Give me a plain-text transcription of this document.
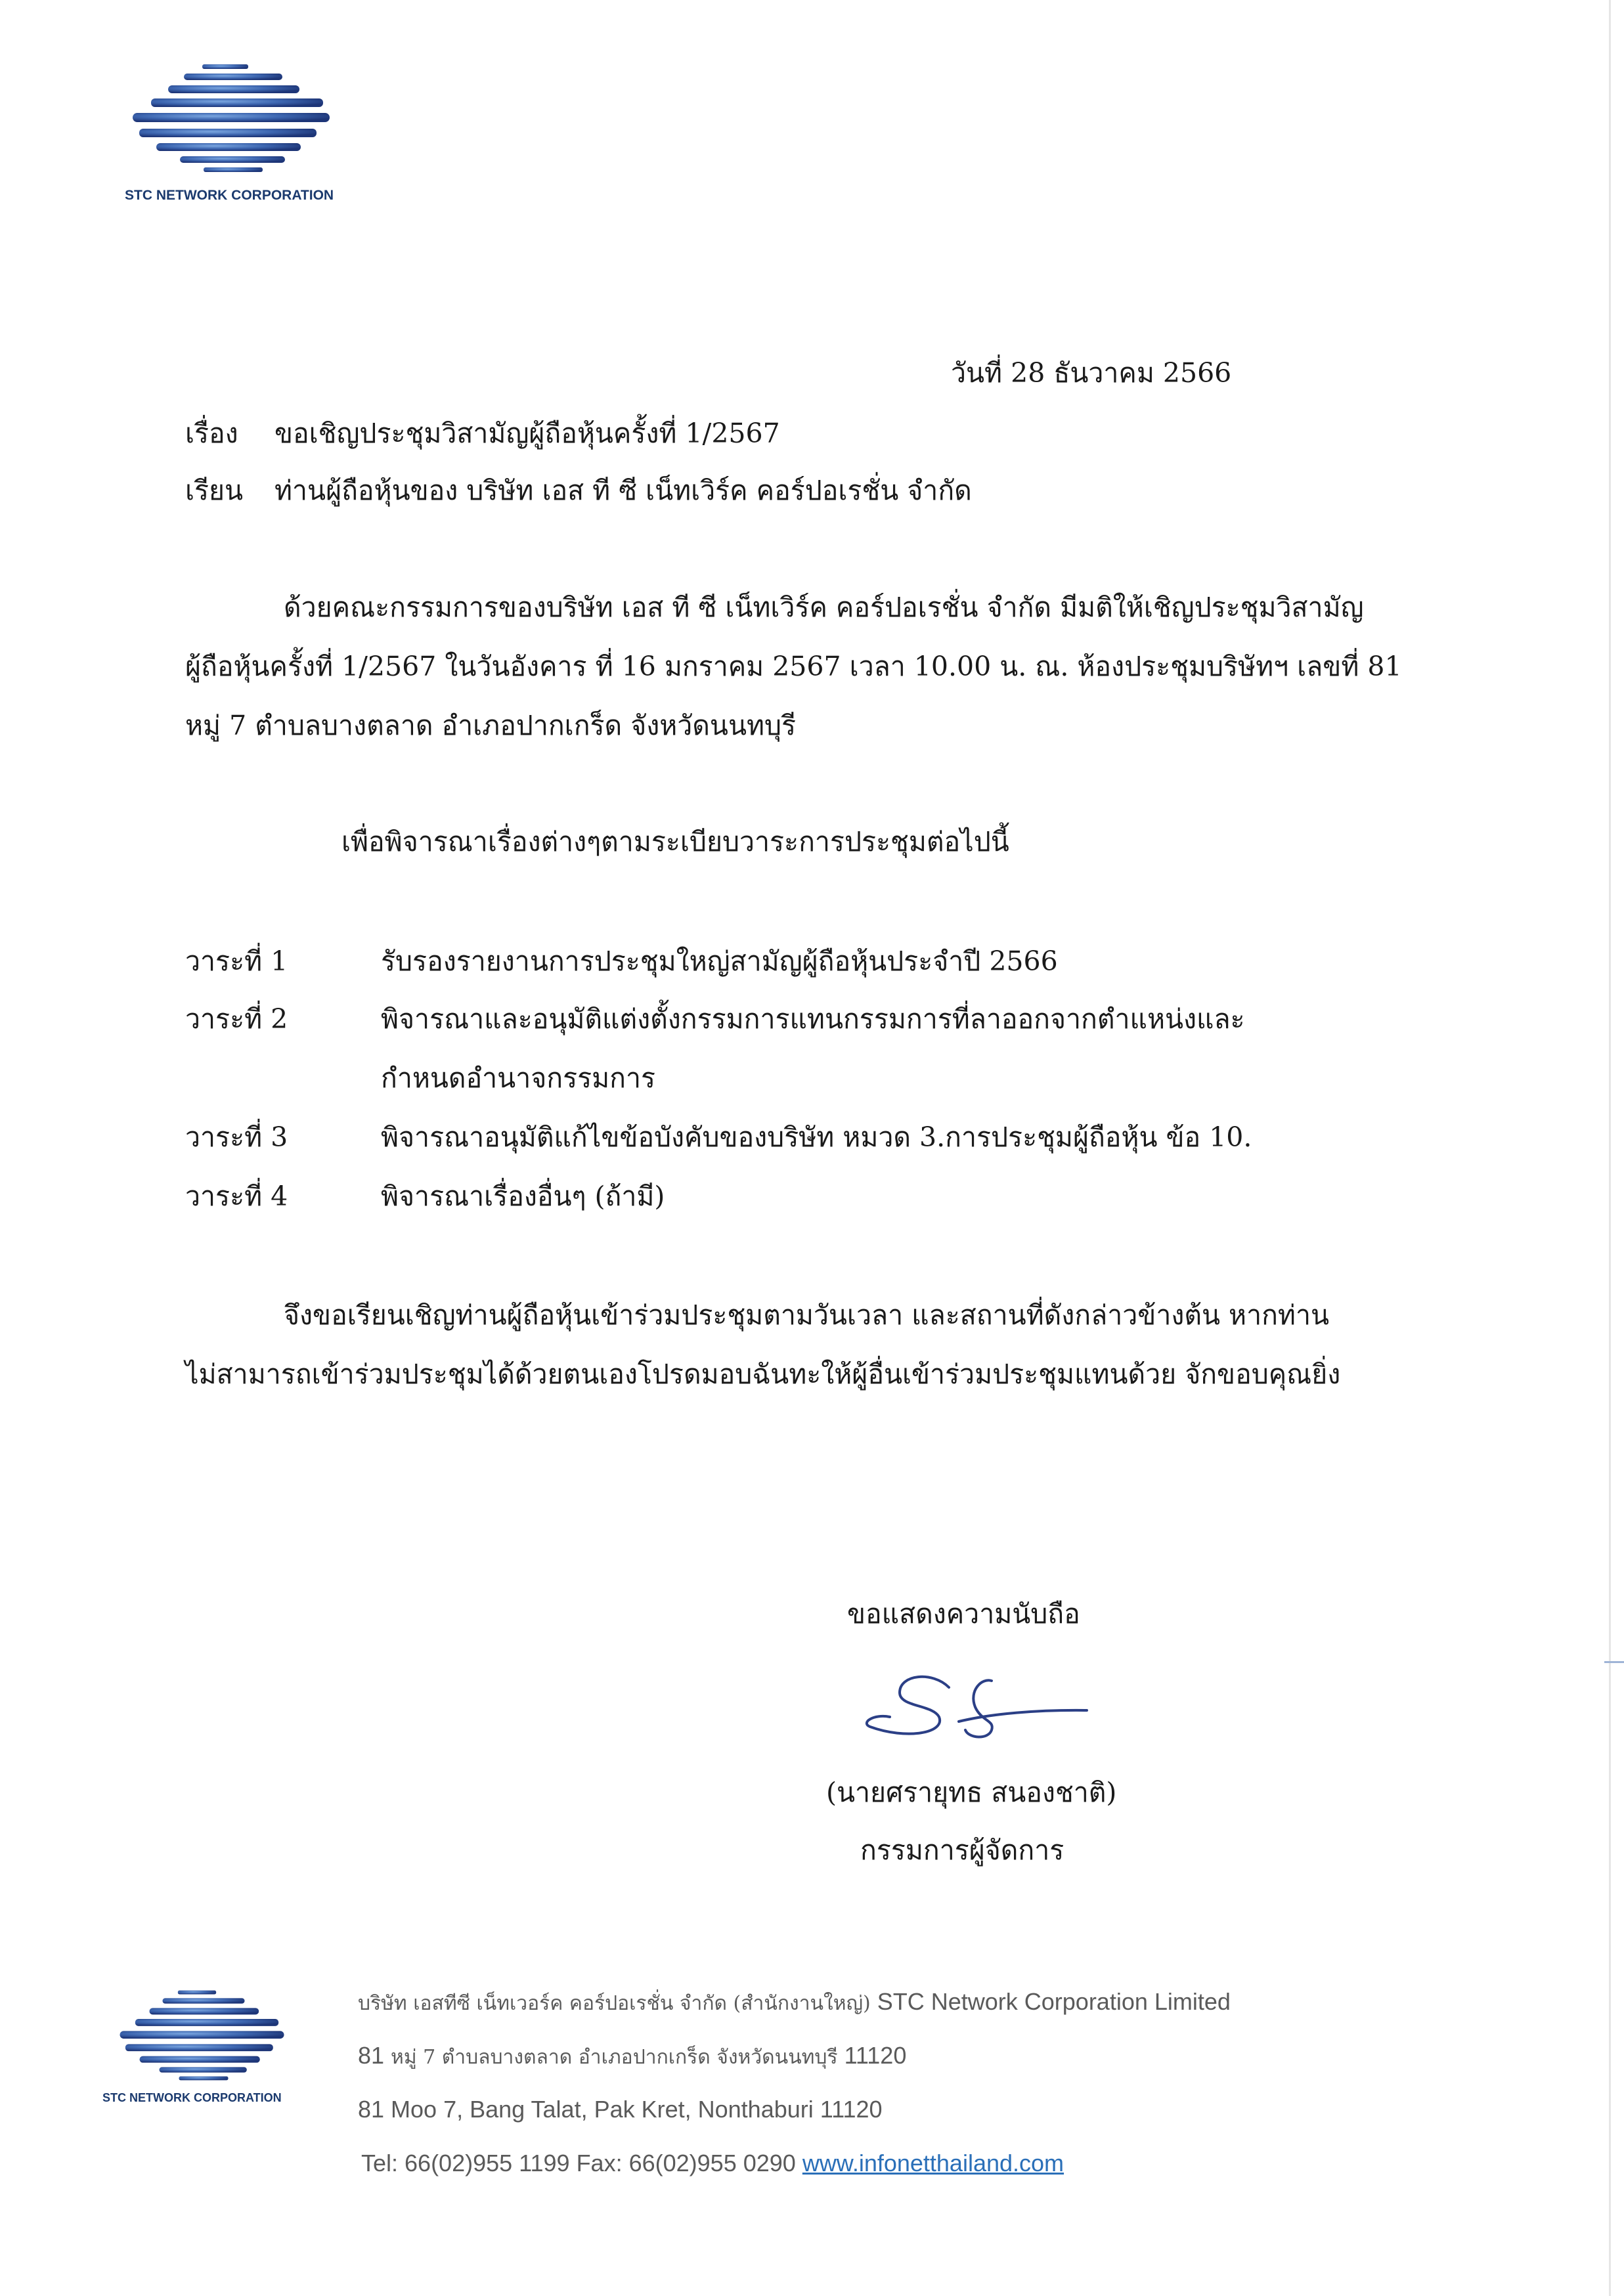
STC NETWORK CORPORATION
วันที่ 28 ธันวาคม 2566
เรื่อง ขอเชิญประชุมวิสามัญผู้ถือหุ้นครั้งที่ 1/2567
เรียน ท่านผู้ถือหุ้นของ บริษัท เอส ที ซี เน็ทเวิร์ค คอร์ปอเรชั่น จำกัด
ด้วยคณะกรรมการของบริษัท เอส ที ซี เน็ทเวิร์ค คอร์ปอเรชั่น จำกัด มีมติให้เชิญประชุมวิสามัญ
ผู้ถือหุ้นครั้งที่ 1/2567 ในวันอังคาร ที่ 16 มกราคม 2567 เวลา 10.00 น. ณ. ห้องประชุมบริษัทฯ เลขที่ 81
หมู่ 7 ตำบลบางตลาด อำเภอปากเกร็ด จังหวัดนนทบุรี
เพื่อพิจารณาเรื่องต่างๆตามระเบียบวาระการประชุมต่อไปนี้
วาระที่ 1	รับรองรายงานการประชุมใหญ่สามัญผู้ถือหุ้นประจำปี 2566
วาระที่ 2	พิจารณาและอนุมัติแต่งตั้งกรรมการแทนกรรมการที่ลาออกจากตำแหน่งและ
กำหนดอำนาจกรรมการ
วาระที่ 3	พิจารณาอนุมัติแก้ไขข้อบังคับของบริษัท หมวด 3.การประชุมผู้ถือหุ้น ข้อ 10.
วาระที่ 4	พิจารณาเรื่องอื่นๆ (ถ้ามี)
จึงขอเรียนเชิญท่านผู้ถือหุ้นเข้าร่วมประชุมตามวันเวลา และสถานที่ดังกล่าวข้างต้น หากท่าน
ไม่สามารถเข้าร่วมประชุมได้ด้วยตนเองโปรดมอบฉันทะให้ผู้อื่นเข้าร่วมประชุมแทนด้วย จักขอบคุณยิ่ง
ขอแสดงความนับถือ
(นายศรายุทธ สนองชาติ)
กรรมการผู้จัดการ
STC NETWORK CORPORATION
บริษัท เอสทีซี เน็ทเวอร์ค คอร์ปอเรชั่น จำกัด (สำนักงานใหญ่) STC Network Corporation Limited
81 หมู่ 7 ตำบลบางตลาด อำเภอปากเกร็ด จังหวัดนนทบุรี 11120
81 Moo 7, Bang Talat, Pak Kret, Nonthaburi 11120
Tel: 66(02)955 1199 Fax: 66(02)955 0290 www.infonetthailand.com
